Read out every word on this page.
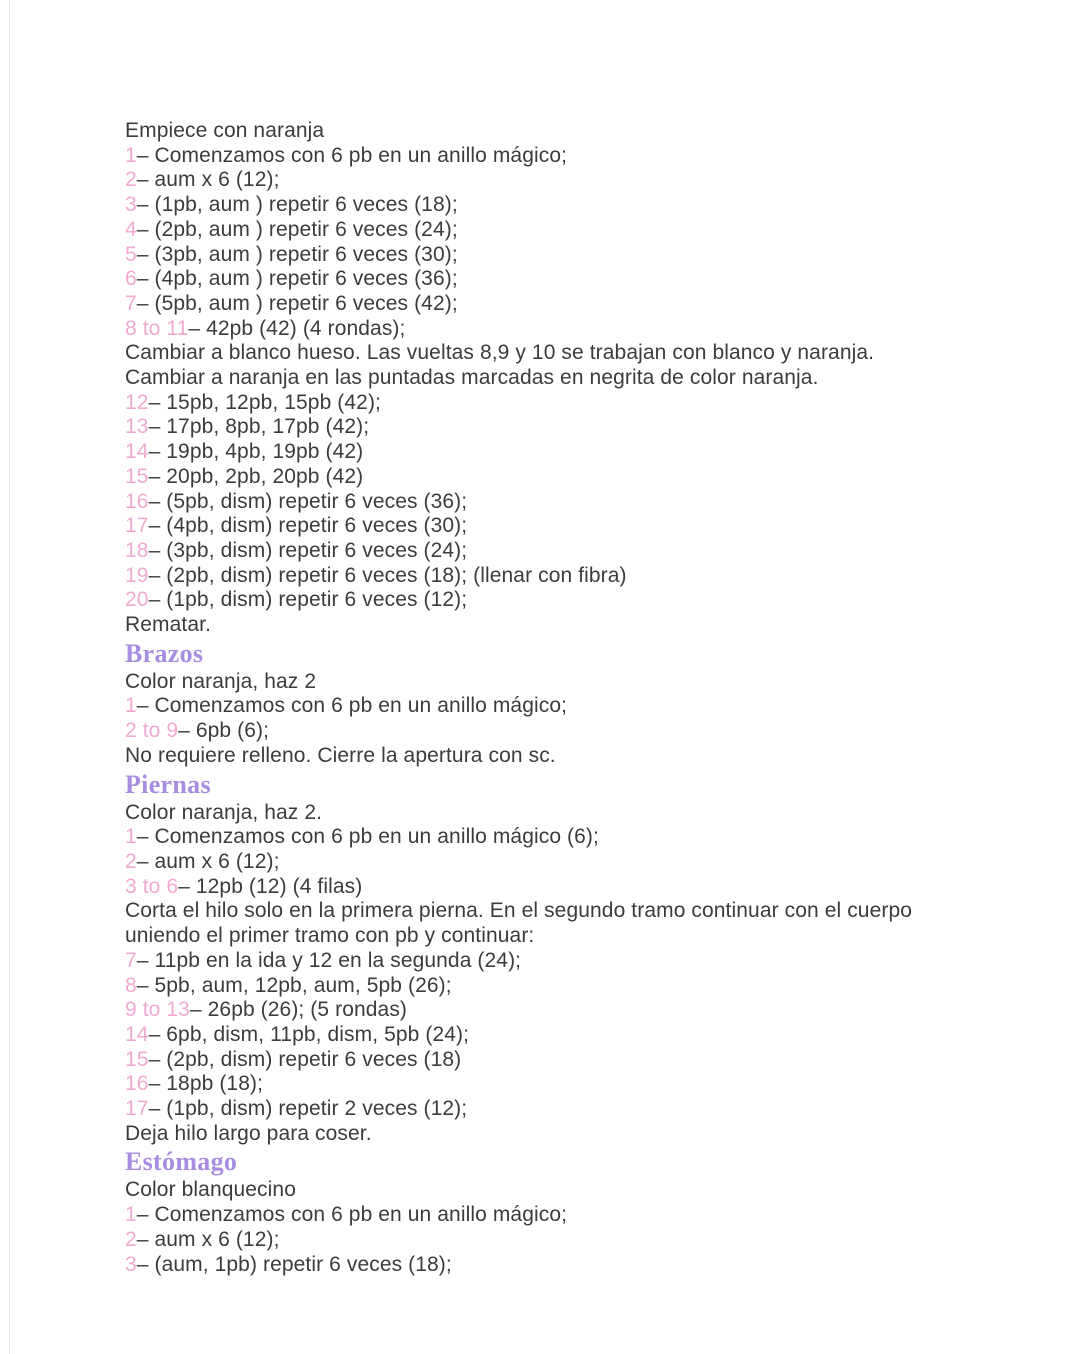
Empiece con naranja
1– Comenzamos con 6 pb en un anillo mágico;
2– aum x 6 (12);
3– (1pb, aum ) repetir 6 veces (18);
4– (2pb, aum ) repetir 6 veces (24);
5– (3pb, aum ) repetir 6 veces (30);
6– (4pb, aum ) repetir 6 veces (36);
7– (5pb, aum ) repetir 6 veces (42);
8 to 11– 42pb (42) (4 rondas);
Cambiar a blanco hueso. Las vueltas 8,9 y 10 se trabajan con blanco y naranja.
Cambiar a naranja en las puntadas marcadas en negrita de color naranja.
12– 15pb, 12pb, 15pb (42);
13– 17pb, 8pb, 17pb (42);
14– 19pb, 4pb, 19pb (42)
15– 20pb, 2pb, 20pb (42)
16– (5pb, dism) repetir 6 veces (36);
17– (4pb, dism) repetir 6 veces (30);
18– (3pb, dism) repetir 6 veces (24);
19– (2pb, dism) repetir 6 veces (18); (llenar con fibra)
20– (1pb, dism) repetir 6 veces (12);
Rematar.
Brazos
Color naranja, haz 2
1– Comenzamos con 6 pb en un anillo mágico;
2 to 9– 6pb (6);
No requiere relleno. Cierre la apertura con sc.
Piernas
Color naranja, haz 2.
1– Comenzamos con 6 pb en un anillo mágico (6);
2– aum x 6 (12);
3 to 6– 12pb (12) (4 filas)
Corta el hilo solo en la primera pierna. En el segundo tramo continuar con el cuerpo
uniendo el primer tramo con pb y continuar:
7– 11pb en la ida y 12 en la segunda (24);
8– 5pb, aum, 12pb, aum, 5pb (26);
9 to 13– 26pb (26); (5 rondas)
14– 6pb, dism, 11pb, dism, 5pb (24);
15– (2pb, dism) repetir 6 veces (18)
16– 18pb (18);
17– (1pb, dism) repetir 2 veces (12);
Deja hilo largo para coser.
Estómago
Color blanquecino
1– Comenzamos con 6 pb en un anillo mágico;
2– aum x 6 (12);
3– (aum, 1pb) repetir 6 veces (18);
